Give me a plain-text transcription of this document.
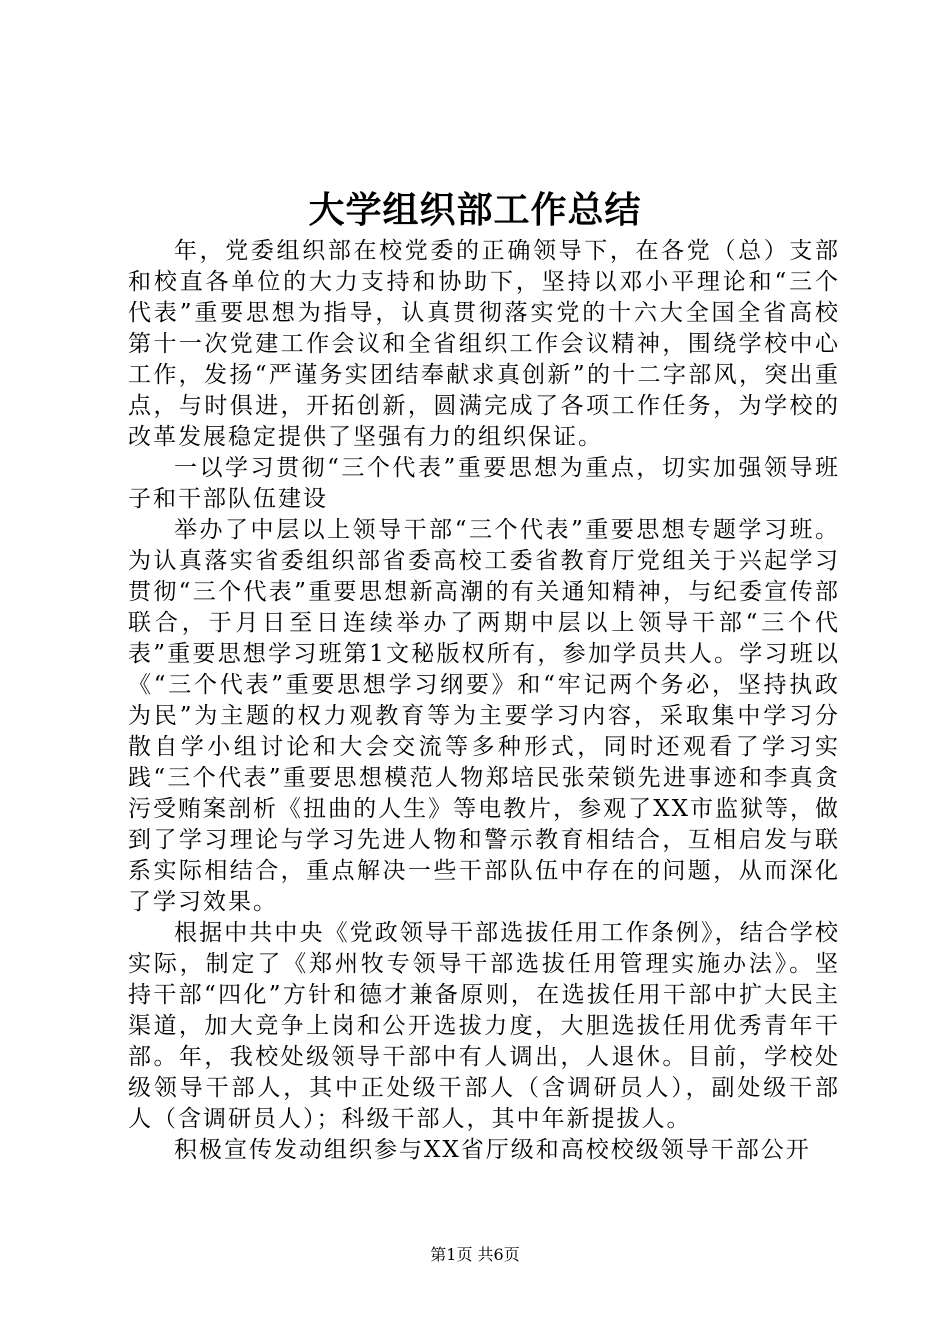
大学组织部工作总结

年，党委组织部在校党委的正确领导下，在各党（总）支部和校直各单位的大力支持和协助下，坚持以邓小平理论和“三个代表”重要思想为指导，认真贯彻落实党的十六大全国全省高校第十一次党建工作会议和全省组织工作会议精神，围绕学校中心工作，发扬“严谨务实团结奉献求真创新”的十二字部风，突出重点，与时俱进，开拓创新，圆满完成了各项工作任务，为学校的改革发展稳定提供了坚强有力的组织保证。

一以学习贯彻“三个代表”重要思想为重点，切实加强领导班子和干部队伍建设

举办了中层以上领导干部“三个代表”重要思想专题学习班。为认真落实省委组织部省委高校工委省教育厅党组关于兴起学习贯彻“三个代表”重要思想新高潮的有关通知精神，与纪委宣传部联合，于月日至日连续举办了两期中层以上领导干部“三个代表”重要思想学习班第1文秘版权所有，参加学员共人。学习班以《“三个代表”重要思想学习纲要》和“牢记两个务必，坚持执政为民”为主题的权力观教育等为主要学习内容，采取集中学习分散自学小组讨论和大会交流等多种形式，同时还观看了学习实践“三个代表”重要思想模范人物郑培民张荣锁先进事迹和李真贪污受贿案剖析《扭曲的人生》等电教片，参观了XX市监狱等，做到了学习理论与学习先进人物和警示教育相结合，互相启发与联系实际相结合，重点解决一些干部队伍中存在的问题，从而深化了学习效果。

根据中共中央《党政领导干部选拔任用工作条例》，结合学校实际，制定了《郑州牧专领导干部选拔任用管理实施办法》。坚持干部“四化”方针和德才兼备原则，在选拔任用干部中扩大民主渠道，加大竞争上岗和公开选拔力度，大胆选拔任用优秀青年干部。年，我校处级领导干部中有人调出，人退休。目前，学校处级领导干部人，其中正处级干部人（含调研员人），副处级干部人（含调研员人）；科级干部人，其中年新提拔人。

积极宣传发动组织参与XX省厅级和高校校级领导干部公开

第1页 共6页
